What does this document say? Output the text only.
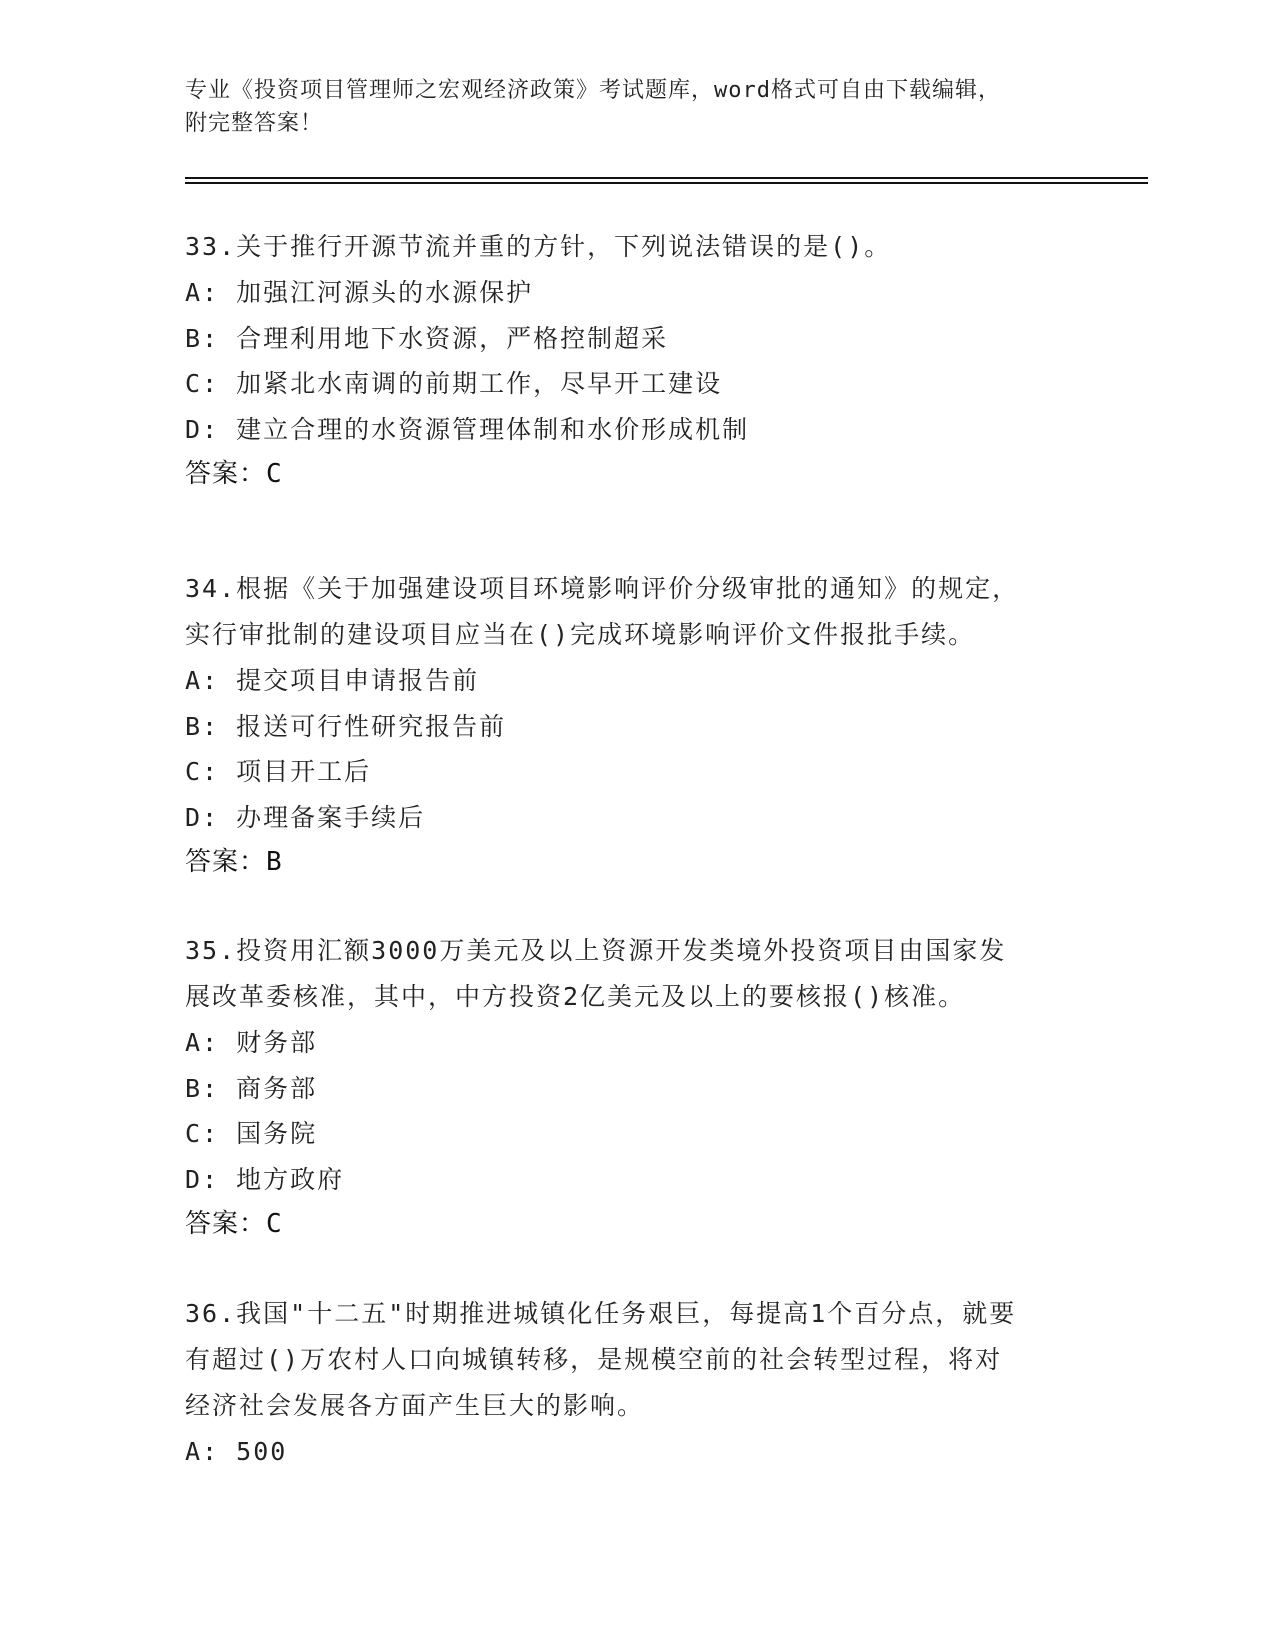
专业《投资项目管理师之宏观经济政策》考试题库，word格式可自由下载编辑，
附完整答案！
33.关于推行开源节流并重的方针，下列说法错误的是()。
A: 加强江河源头的水源保护
B: 合理利用地下水资源，严格控制超采
C: 加紧北水南调的前期工作，尽早开工建设
D: 建立合理的水资源管理体制和水价形成机制
答案：C
34.根据《关于加强建设项目环境影响评价分级审批的通知》的规定，
实行审批制的建设项目应当在()完成环境影响评价文件报批手续。
A: 提交项目申请报告前
B: 报送可行性研究报告前
C: 项目开工后
D: 办理备案手续后
答案：B
35.投资用汇额3000万美元及以上资源开发类境外投资项目由国家发
展改革委核准，其中，中方投资2亿美元及以上的要核报()核准。
A: 财务部
B: 商务部
C: 国务院
D: 地方政府
答案：C
36.我国"十二五"时期推进城镇化任务艰巨，每提高1个百分点，就要
有超过()万农村人口向城镇转移，是规模空前的社会转型过程，将对
经济社会发展各方面产生巨大的影响。
A: 500
